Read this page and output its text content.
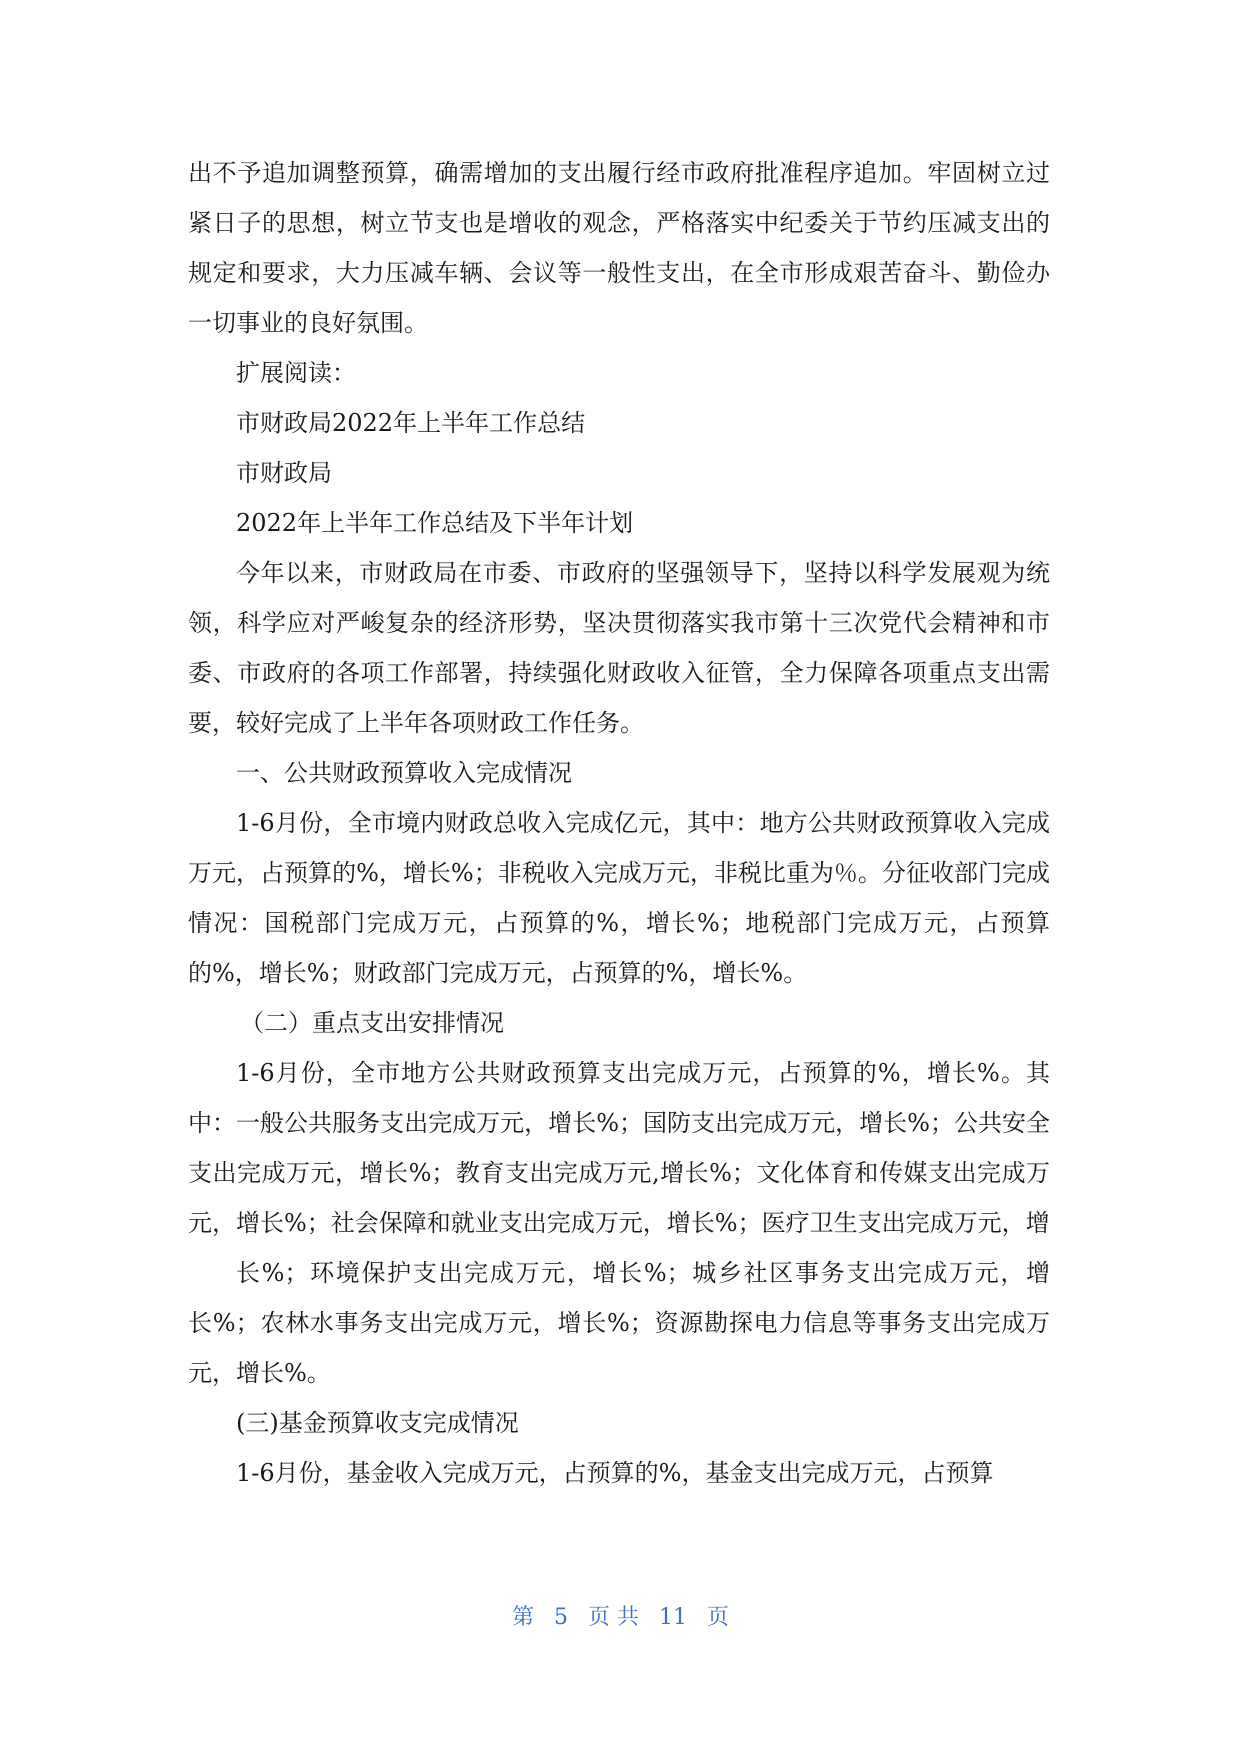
出不予追加调整预算，确需增加的支出履行经市政府批准程序追加。牢固树立过紧日子的思想，树立节支也是增收的观念，严格落实中纪委关于节约压减支出的规定和要求，大力压减车辆、会议等一般性支出，在全市形成艰苦奋斗、勤俭办一切事业的良好氛围。

扩展阅读：

市财政局2022年上半年工作总结

市财政局

2022年上半年工作总结及下半年计划

今年以来，市财政局在市委、市政府的坚强领导下，坚持以科学发展观为统领，科学应对严峻复杂的经济形势，坚决贯彻落实我市第十三次党代会精神和市委、市政府的各项工作部署，持续强化财政收入征管，全力保障各项重点支出需要，较好完成了上半年各项财政工作任务。

一、公共财政预算收入完成情况

1-6月份，全市境内财政总收入完成亿元，其中：地方公共财政预算收入完成万元，占预算的%，增长%；非税收入完成万元，非税比重为％。分征收部门完成情况：国税部门完成万元，占预算的%，增长%；地税部门完成万元，占预算的%，增长%；财政部门完成万元，占预算的%，增长%。

（二）重点支出安排情况

1-6月份，全市地方公共财政预算支出完成万元，占预算的%，增长%。其中：一般公共服务支出完成万元，增长%；国防支出完成万元，增长%；公共安全支出完成万元，增长%；教育支出完成万元,增长%；文化体育和传媒支出完成万元，增长%；社会保障和就业支出完成万元，增长%；医疗卫生支出完成万元，增

长%；环境保护支出完成万元，增长%；城乡社区事务支出完成万元，增长%；农林水事务支出完成万元，增长%；资源勘探电力信息等事务支出完成万元，增长%。

(三)基金预算收支完成情况

1-6月份，基金收入完成万元，占预算的%，基金支出完成万元，占预算

第 5 页 共 11 页
